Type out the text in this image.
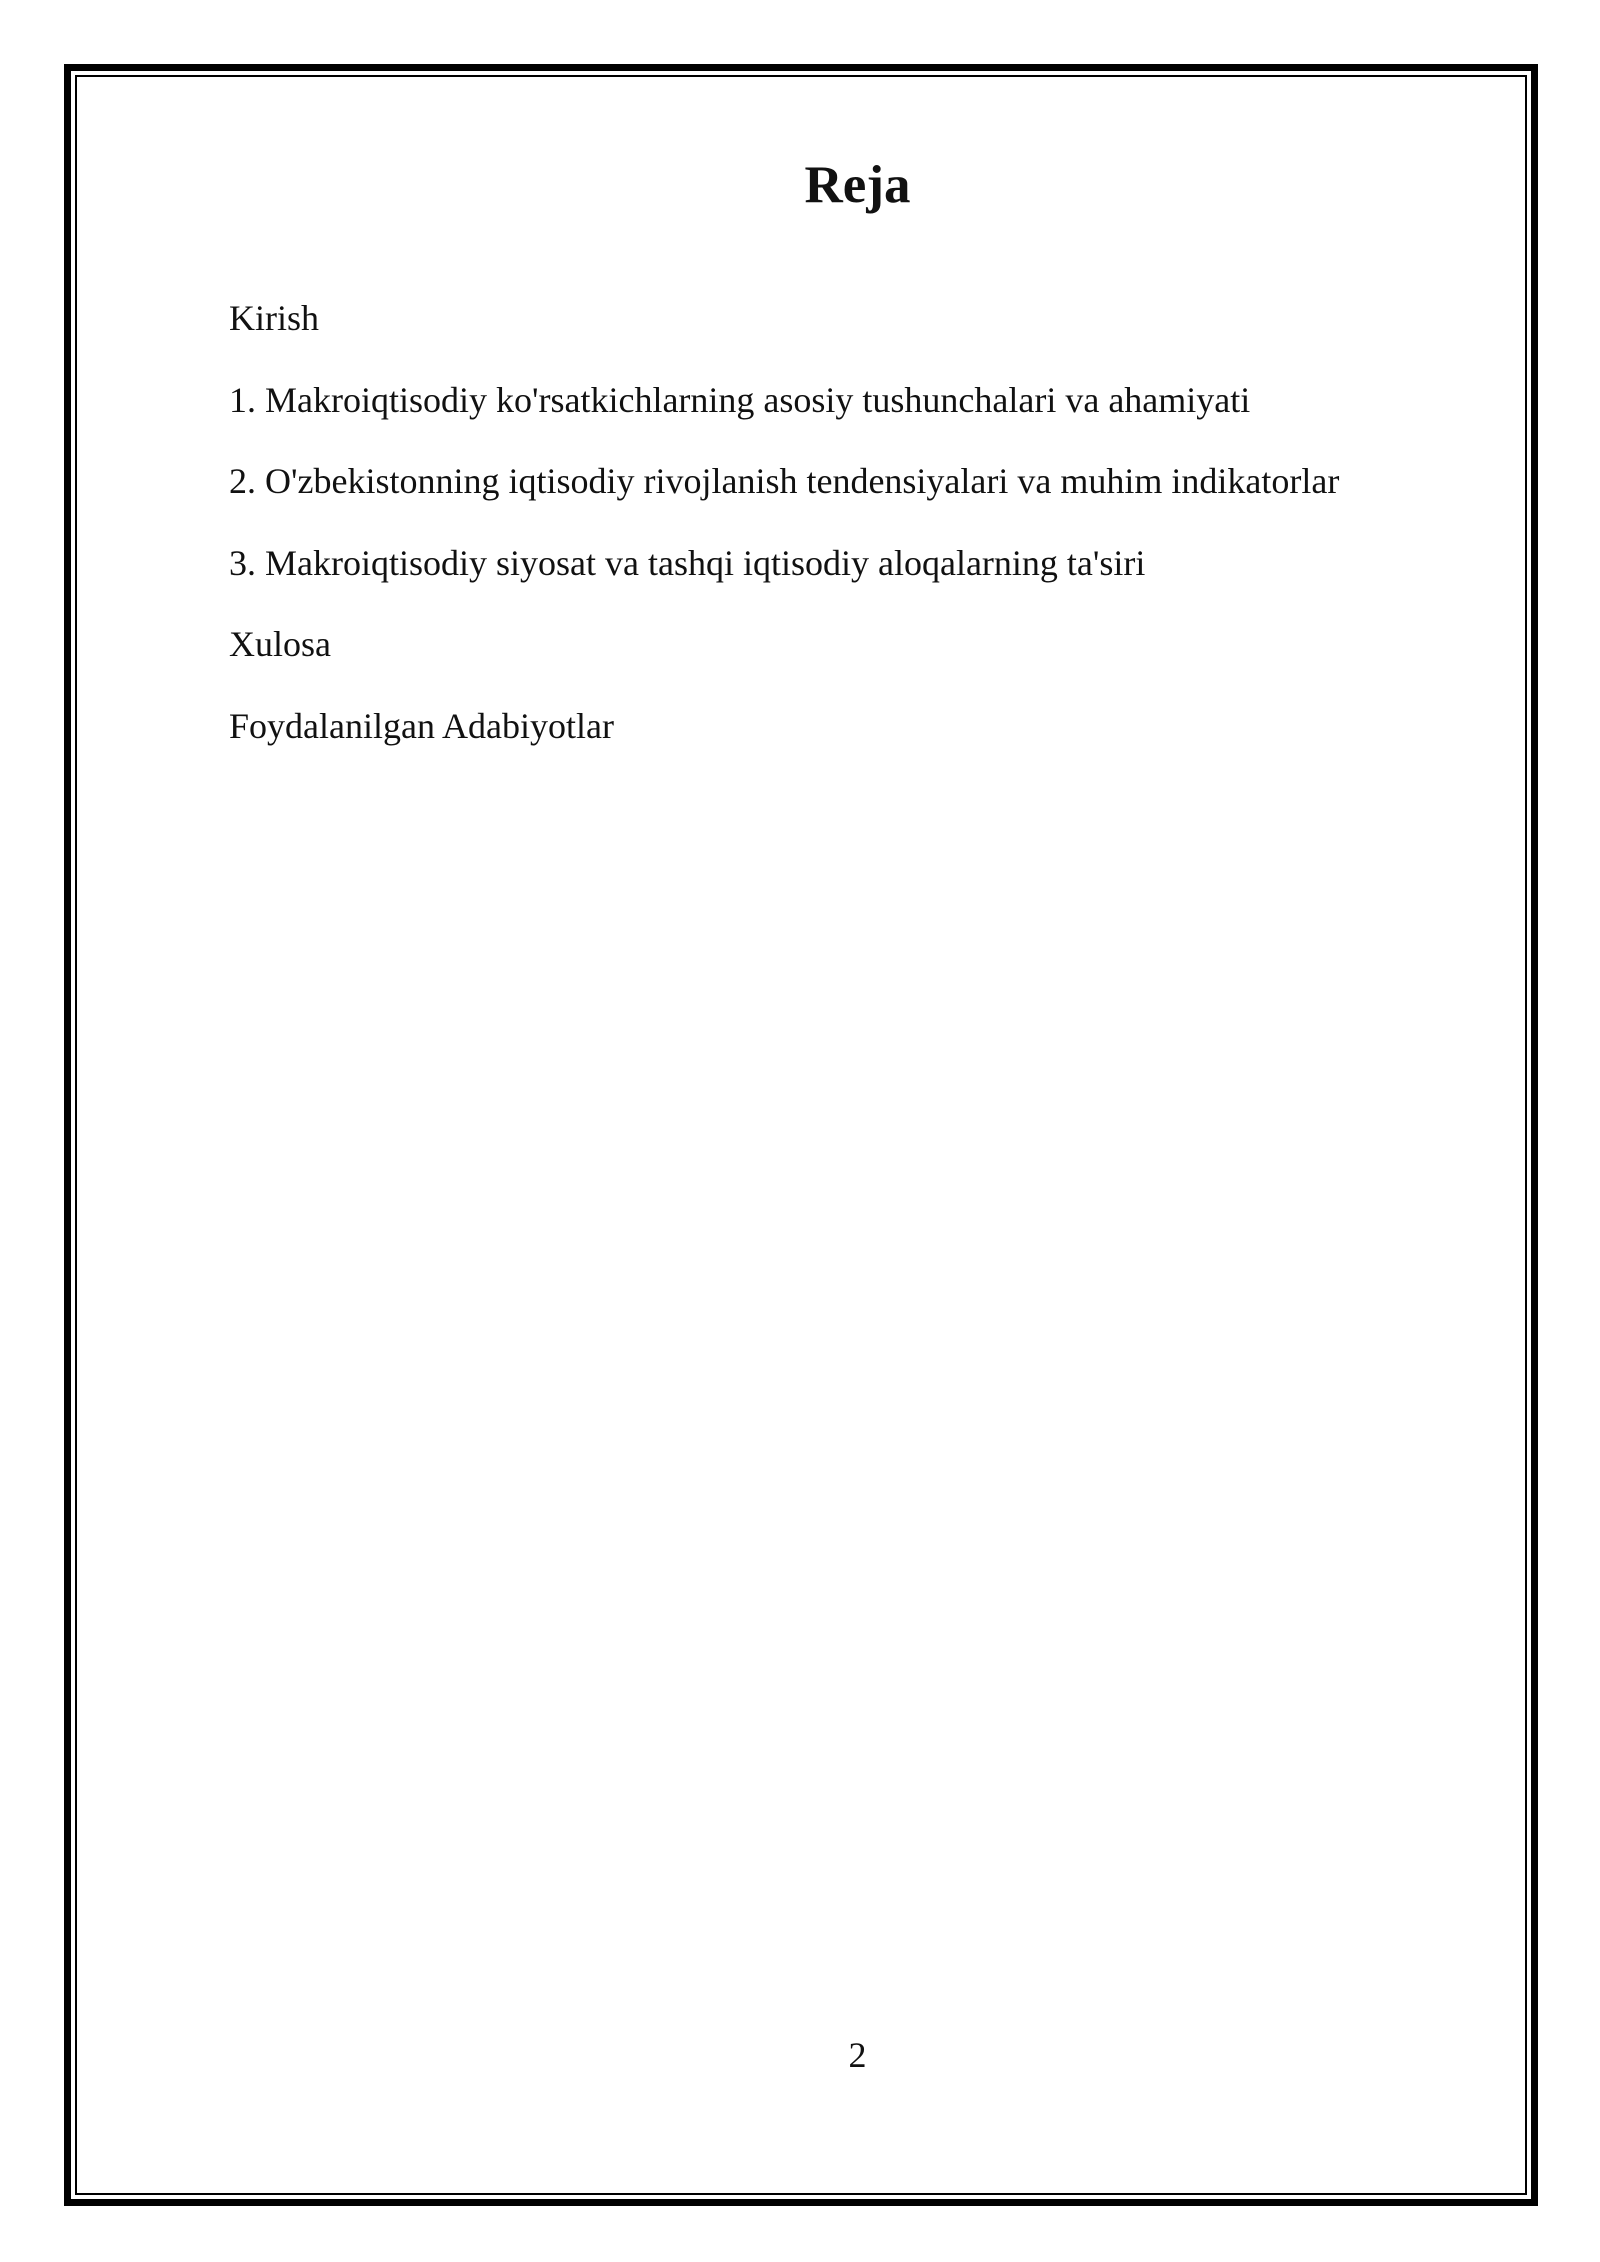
Reja
Kirish
1. Makroiqtisodiy ko'rsatkichlarning asosiy tushunchalari va ahamiyati
2. O'zbekistonning iqtisodiy rivojlanish tendensiyalari va muhim indikatorlar
3. Makroiqtisodiy siyosat va tashqi iqtisodiy aloqalarning ta'siri
Xulosa
Foydalanilgan Adabiyotlar
2
